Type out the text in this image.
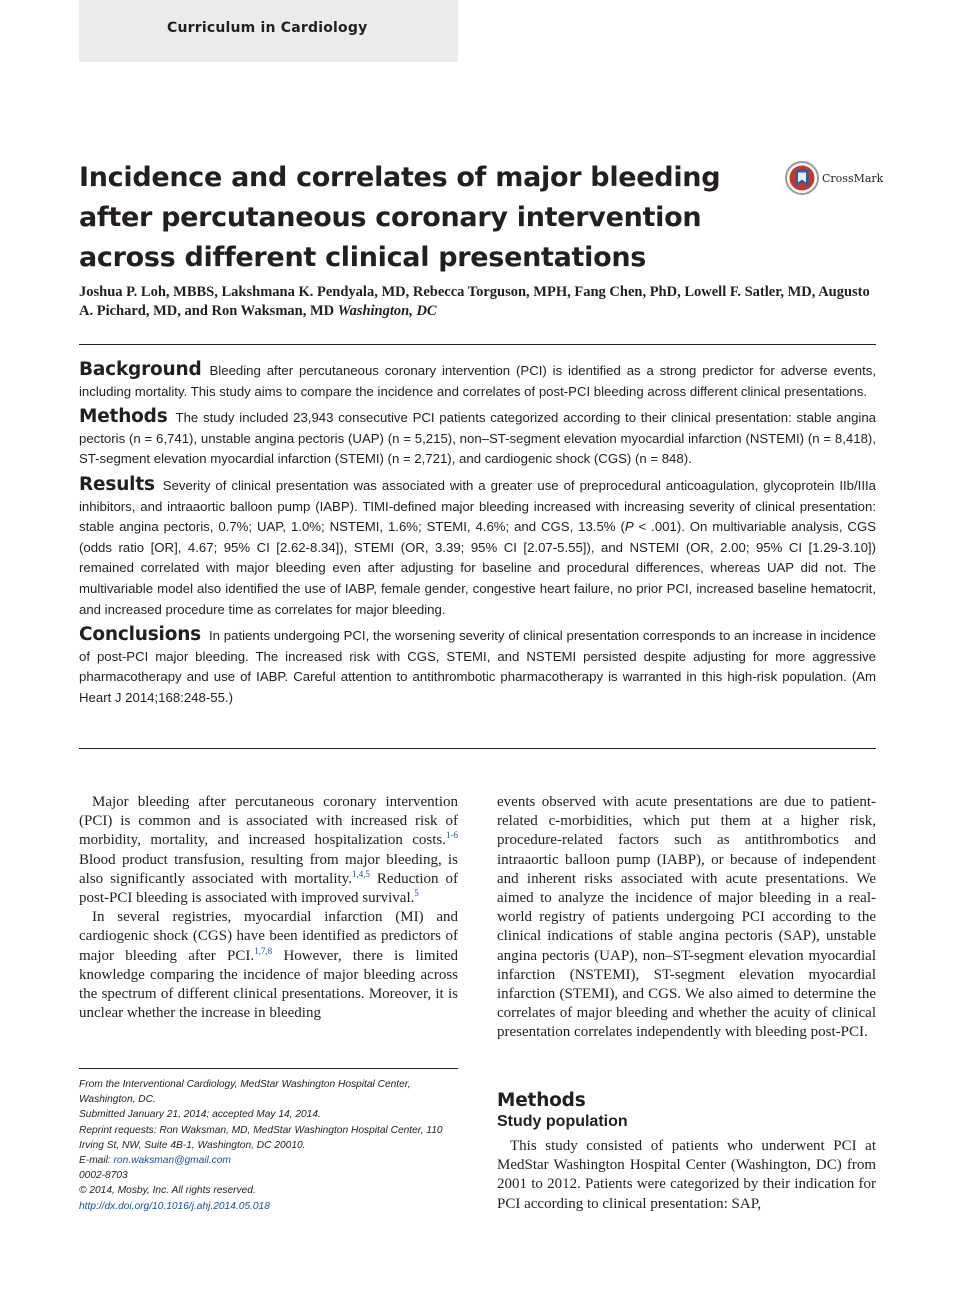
Curriculum in Cardiology
Incidence and correlates of major bleeding after percutaneous coronary intervention across different clinical presentations
CrossMark
Joshua P. Loh, MBBS, Lakshmana K. Pendyala, MD, Rebecca Torguson, MPH, Fang Chen, PhD, Lowell F. Satler, MD, Augusto A. Pichard, MD, and Ron Waksman, MD Washington, DC

Background Bleeding after percutaneous coronary intervention (PCI) is identified as a strong predictor for adverse events, including mortality. This study aims to compare the incidence and correlates of post-PCI bleeding across different clinical presentations.

Methods The study included 23,943 consecutive PCI patients categorized according to their clinical presentation: stable angina pectoris (n = 6,741), unstable angina pectoris (UAP) (n = 5,215), non–ST-segment elevation myocardial infarction (NSTEMI) (n = 8,418), ST-segment elevation myocardial infarction (STEMI) (n = 2,721), and cardiogenic shock (CGS) (n = 848).

Results Severity of clinical presentation was associated with a greater use of preprocedural anticoagulation, glycoprotein IIb/IIIa inhibitors, and intraaortic balloon pump (IABP). TIMI-defined major bleeding increased with increasing severity of clinical presentation: stable angina pectoris, 0.7%; UAP, 1.0%; NSTEMI, 1.6%; STEMI, 4.6%; and CGS, 13.5% (P < .001). On multivariable analysis, CGS (odds ratio [OR], 4.67; 95% CI [2.62-8.34]), STEMI (OR, 3.39; 95% CI [2.07-5.55]), and NSTEMI (OR, 2.00; 95% CI [1.29-3.10]) remained correlated with major bleeding even after adjusting for baseline and procedural differences, whereas UAP did not. The multivariable model also identified the use of IABP, female gender, congestive heart failure, no prior PCI, increased baseline hematocrit, and increased procedure time as correlates for major bleeding.

Conclusions In patients undergoing PCI, the worsening severity of clinical presentation corresponds to an increase in incidence of post-PCI major bleeding. The increased risk with CGS, STEMI, and NSTEMI persisted despite adjusting for more aggressive pharmacotherapy and use of IABP. Careful attention to antithrombotic pharmacotherapy is warranted in this high-risk population. (Am Heart J 2014;168:248-55.)

Major bleeding after percutaneous coronary intervention (PCI) is common and is associated with increased risk of morbidity, mortality, and increased hospitalization costs.$^{1-6}$ Blood product transfusion, resulting from major bleeding, is also significantly associated with mortality.$^{1,4,5}$ Reduction of post-PCI bleeding is associated with improved survival.$^5$

In several registries, myocardial infarction (MI) and cardiogenic shock (CGS) have been identified as predictors of major bleeding after PCI.$^{1,7,8}$ However, there is limited knowledge comparing the incidence of major bleeding across the spectrum of different clinical presentations. Moreover, it is unclear whether the increase in bleeding

From the Interventional Cardiology, MedStar Washington Hospital Center, Washington, DC.
Submitted January 21, 2014; accepted May 14, 2014.
Reprint requests: Ron Waksman, MD, MedStar Washington Hospital Center, 110 Irving St, NW, Suite 4B-1, Washington, DC 20010.
E-mail: ron.waksman@gmail.com
0002-8703
© 2014, Mosby, Inc. All rights reserved.
http://dx.doi.org/10.1016/j.ahj.2014.05.018

events observed with acute presentations are due to patient-related c-morbidities, which put them at a higher risk, procedure-related factors such as antithrombotics and intraaortic balloon pump (IABP), or because of independent and inherent risks associated with acute presentations. We aimed to analyze the incidence of major bleeding in a real-world registry of patients undergoing PCI according to the clinical indications of stable angina pectoris (SAP), unstable angina pectoris (UAP), non–ST-segment elevation myocardial infarction (NSTEMI), ST-segment elevation myocardial infarction (STEMI), and CGS. We also aimed to determine the correlates of major bleeding and whether the acuity of clinical presentation correlates independently with bleeding post-PCI.

Methods
Study population

This study consisted of patients who underwent PCI at MedStar Washington Hospital Center (Washington, DC) from 2001 to 2012. Patients were categorized by their indication for PCI according to clinical presentation: SAP,
